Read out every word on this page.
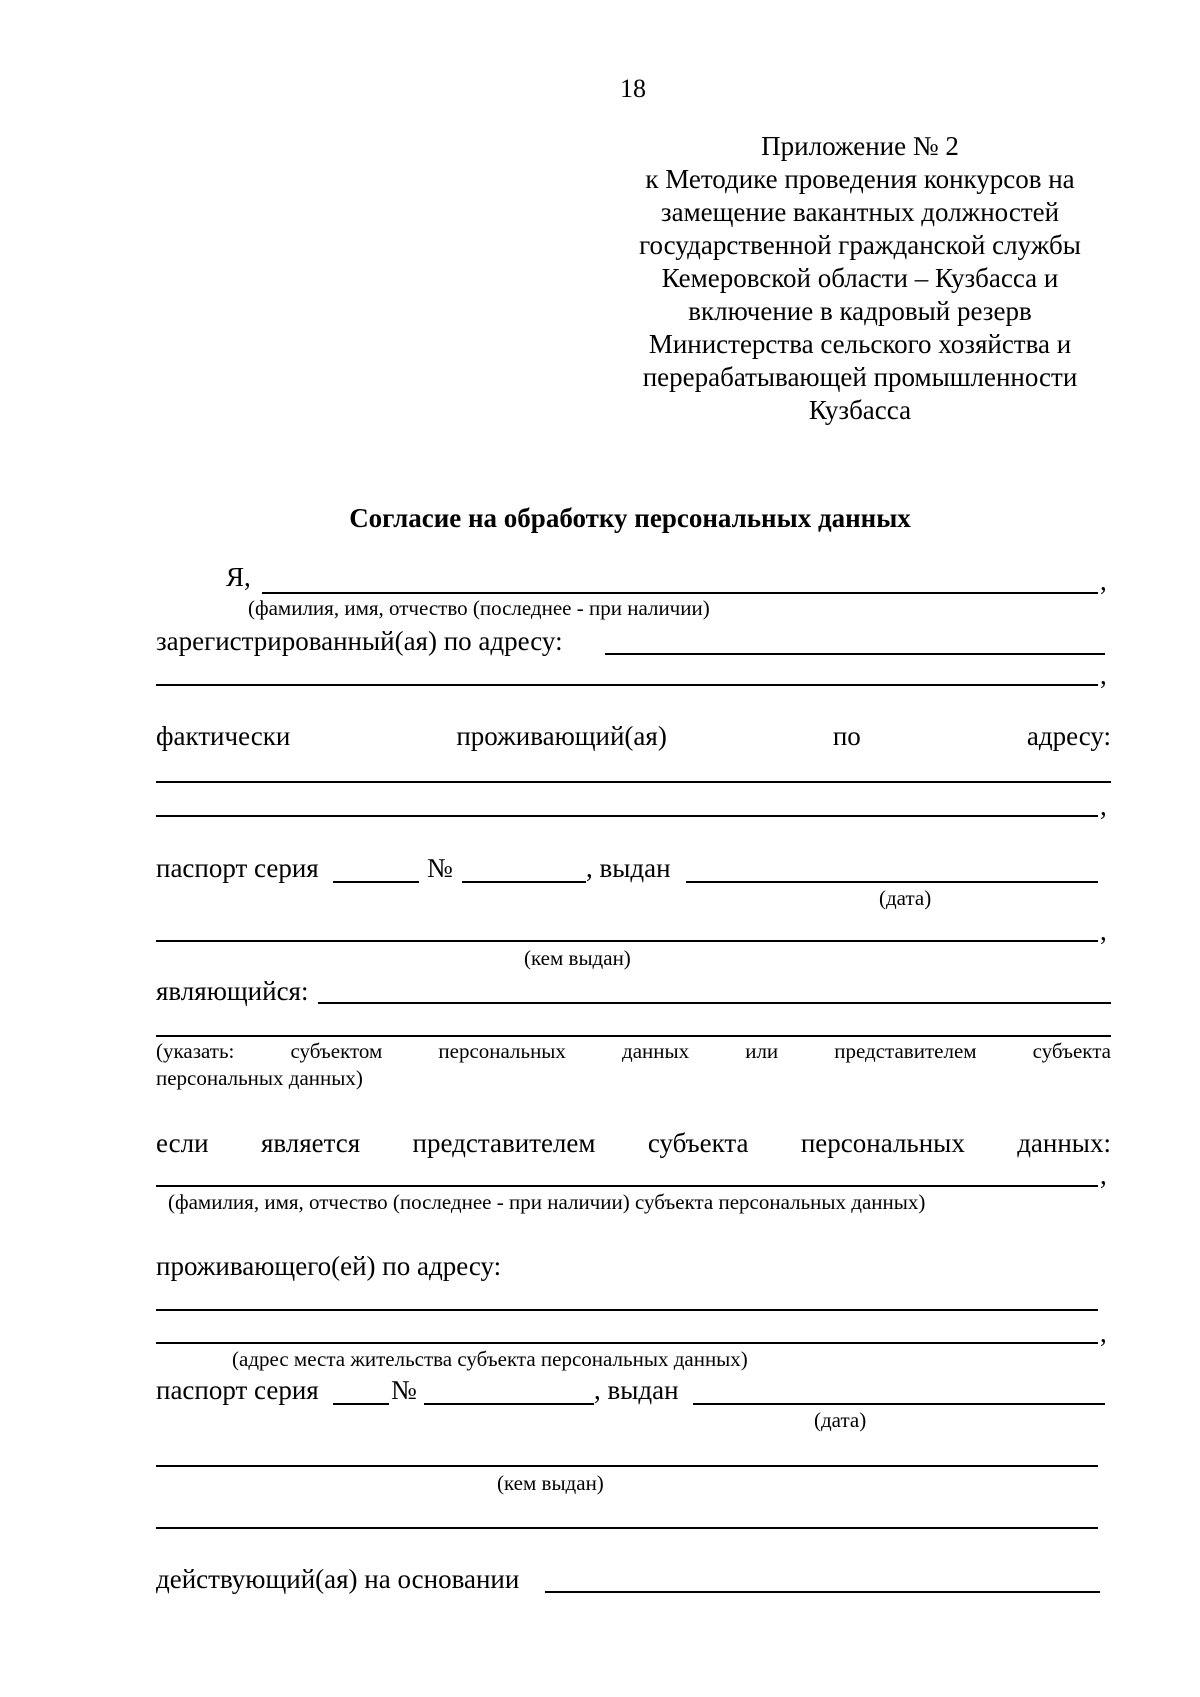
18
Приложение № 2
к Методике проведения конкурсов на
замещение вакантных должностей
государственной гражданской службы
Кемеровской области – Кузбасса и
включение в кадровый резерв
Министерства сельского хозяйства и
перерабатывающей промышленности
Кузбасса
Согласие на обработку персональных данных
Я,	,
(фамилия, имя, отчество (последнее - при наличии)
зарегистрированный(ая) по адресу:
,
фактически	проживающий(ая)	по	адресу:
,
паспорт серия	№	, выдан
(дата)
,
(кем выдан)
являющийся:
(указать:	субъектом	персональных	данных	или	представителем	субъекта
персональных данных)
если является представителем субъекта персональных данных:
,
(фамилия, имя, отчество (последнее - при наличии) субъекта персональных данных)
проживающего(ей) по адресу:
,
(адрес места жительства субъекта персональных данных)
паспорт серия	№	, выдан
(дата)
(кем выдан)
действующий(ая) на основании
